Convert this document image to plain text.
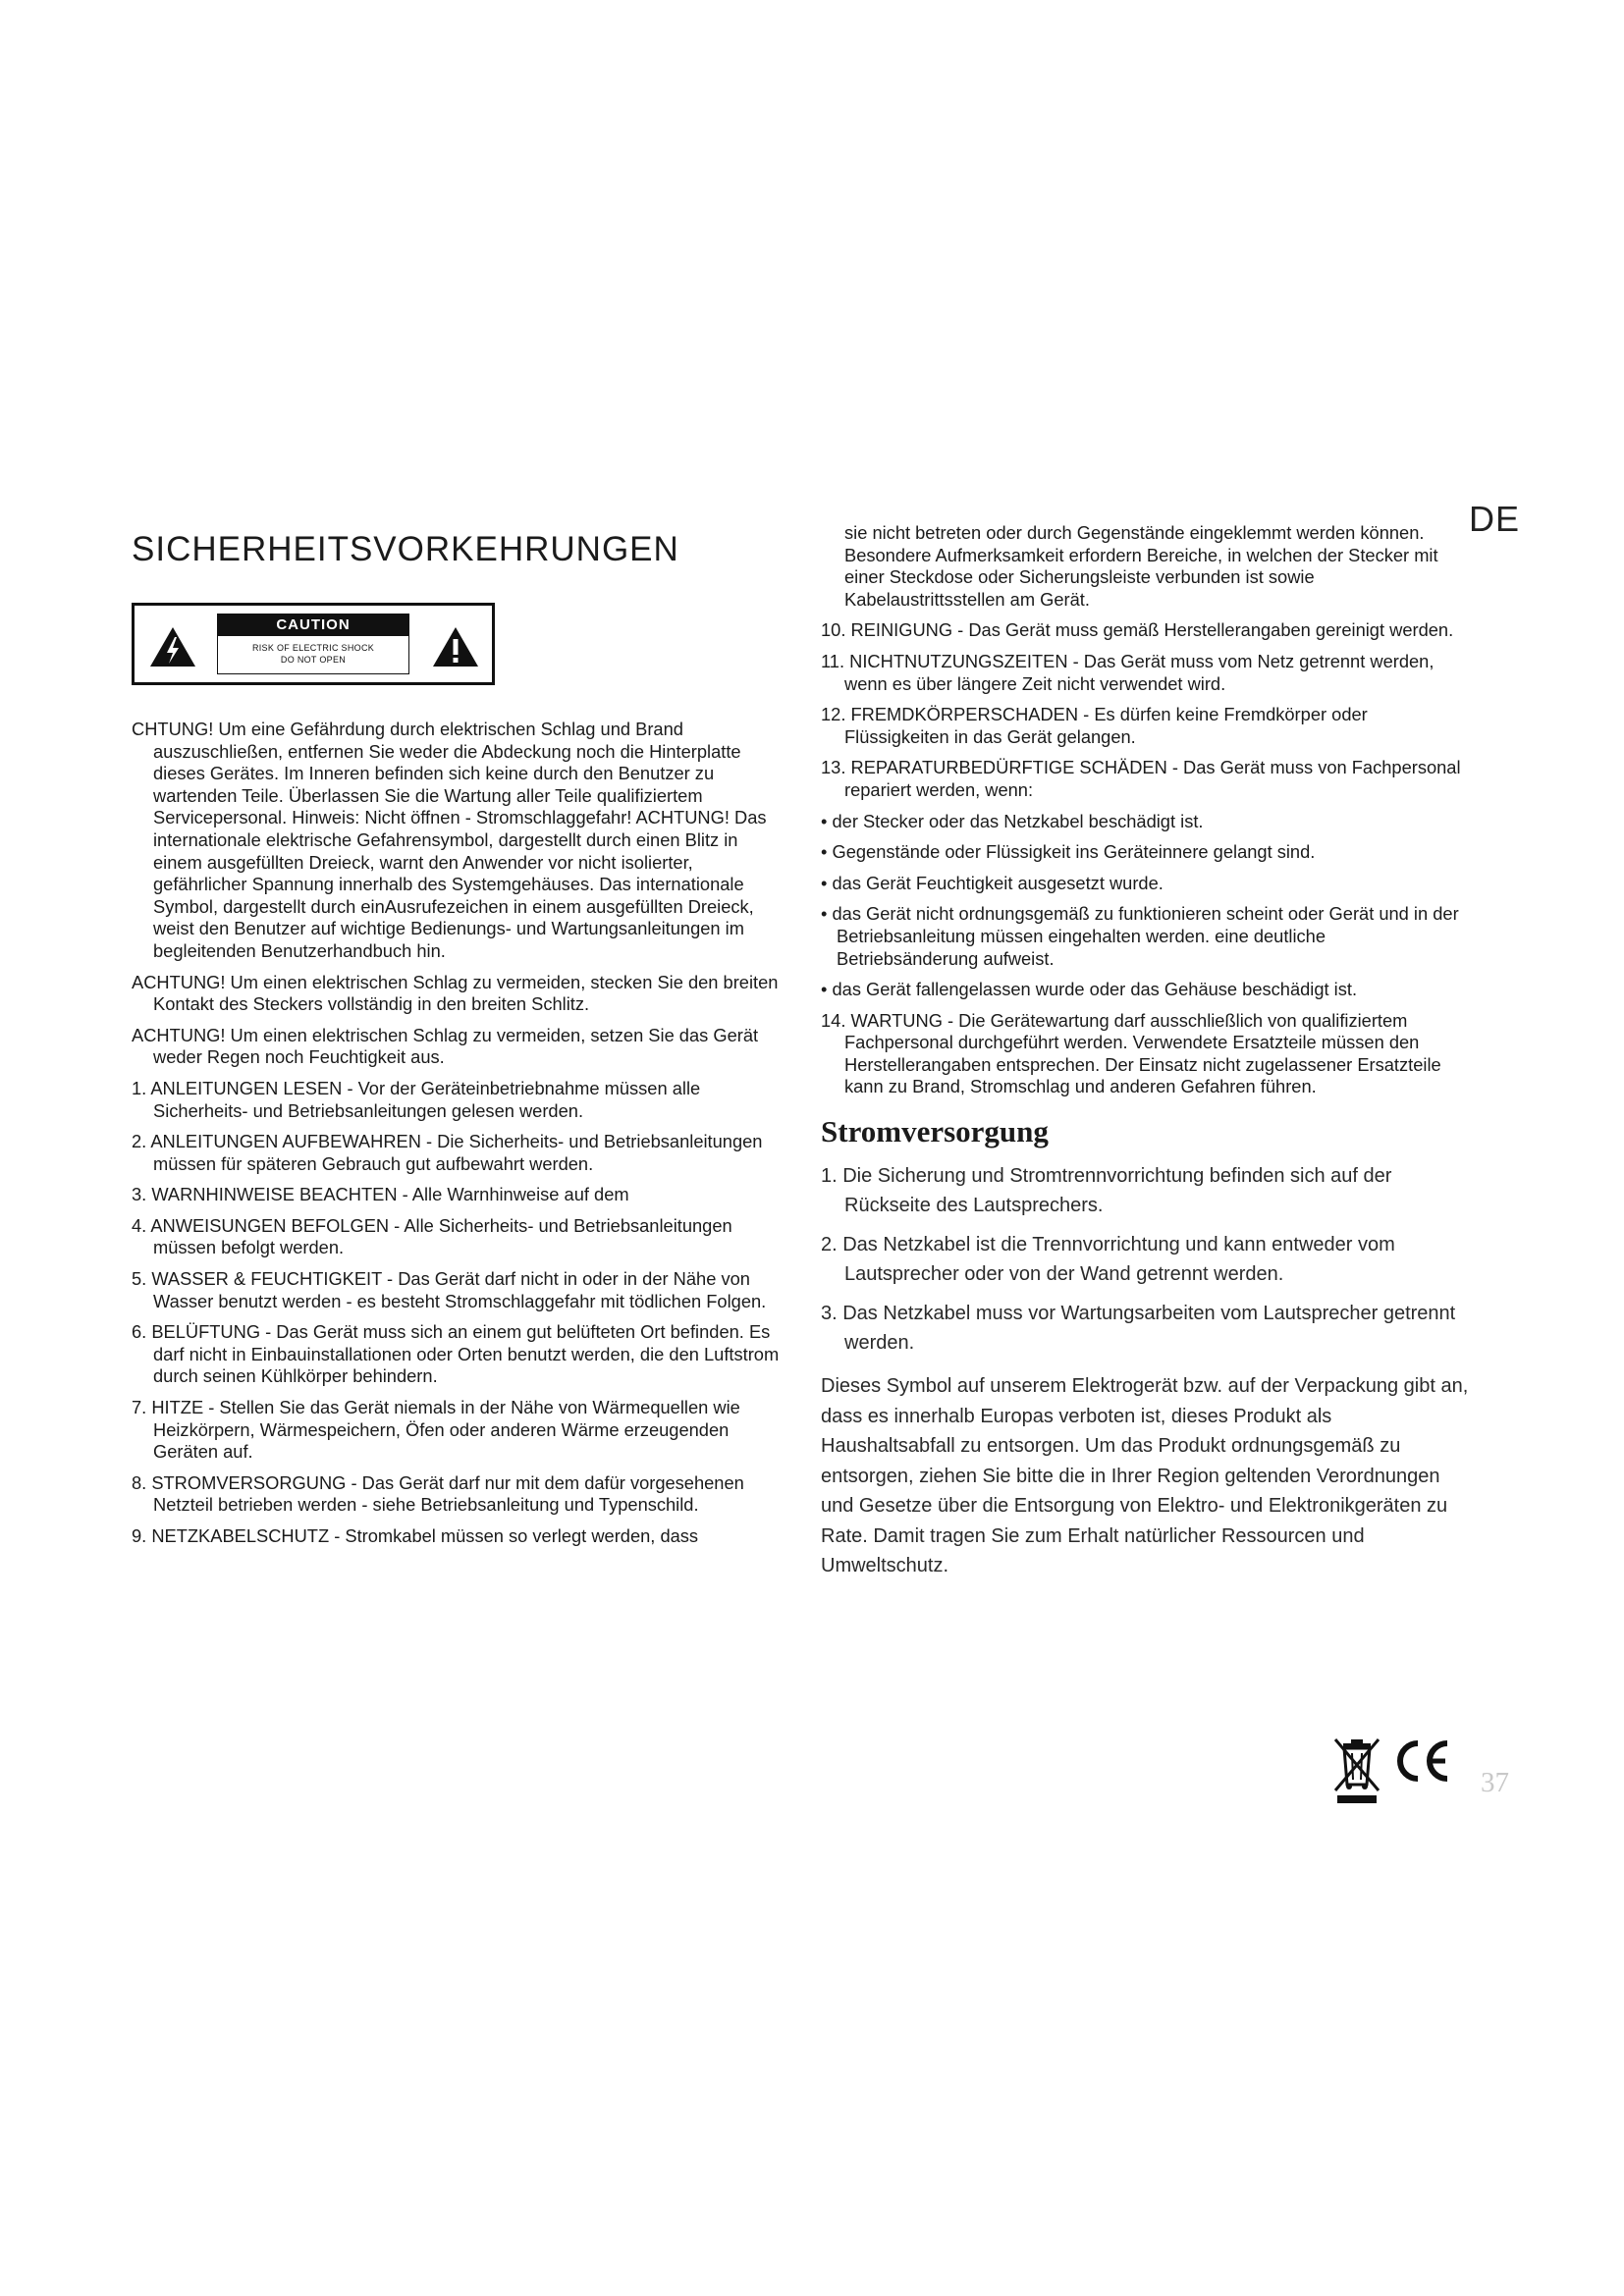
DE
SICHERHEITSVORKEHRUNGEN
CAUTION
RISK OF ELECTRIC SHOCK
DO NOT OPEN

CHTUNG! Um eine Gefährdung durch elektrischen Schlag und Brand auszuschließen, entfernen Sie weder die Abdeckung noch die Hinterplatte dieses Gerätes. Im Inneren befinden sich keine durch den Benutzer zu wartenden Teile. Überlassen Sie die Wartung aller Teile qualifiziertem Servicepersonal. Hinweis: Nicht öffnen - Stromschlaggefahr! ACHTUNG! Das internationale elektrische Gefahrensymbol, dargestellt durch einen Blitz in einem ausgefüllten Dreieck, warnt den Anwender vor nicht isolierter, gefährlicher Spannung innerhalb des Systemgehäuses. Das internationale Symbol, dargestellt durch einAusrufezeichen in einem ausgefüllten Dreieck, weist den Benutzer auf wichtige Bedienungs- und Wartungsanleitungen im begleitenden Benutzerhandbuch hin.

ACHTUNG! Um einen elektrischen Schlag zu vermeiden, stecken Sie den breiten Kontakt des Steckers vollständig in den breiten Schlitz.

ACHTUNG! Um einen elektrischen Schlag zu vermeiden, setzen Sie das Gerät weder Regen noch Feuchtigkeit aus.

1. ANLEITUNGEN LESEN - Vor der Geräteinbetriebnahme müssen alle Sicherheits- und Betriebsanleitungen gelesen werden.

2. ANLEITUNGEN AUFBEWAHREN - Die Sicherheits- und Betriebsanleitungen müssen für späteren Gebrauch gut aufbewahrt werden.

3. WARNHINWEISE BEACHTEN - Alle Warnhinweise auf dem

4. ANWEISUNGEN BEFOLGEN - Alle Sicherheits- und Betriebsanleitungen müssen befolgt werden.

5. WASSER & FEUCHTIGKEIT - Das Gerät darf nicht in oder in der Nähe von Wasser benutzt werden - es besteht Stromschlaggefahr mit tödlichen Folgen.

6. BELÜFTUNG - Das Gerät muss sich an einem gut belüfteten Ort befinden. Es darf nicht in Einbauinstallationen oder Orten benutzt werden, die den Luftstrom durch seinen Kühlkörper behindern.

7. HITZE - Stellen Sie das Gerät niemals in der Nähe von Wärmequellen wie Heizkörpern, Wärmespeichern, Öfen oder anderen Wärme erzeugenden Geräten auf.

8. STROMVERSORGUNG - Das Gerät darf nur mit dem dafür vorgesehenen Netzteil betrieben werden - siehe Betriebsanleitung und Typenschild.

9. NETZKABELSCHUTZ - Stromkabel müssen so verlegt werden, dass

sie nicht betreten oder durch Gegenstände eingeklemmt werden können. Besondere Aufmerksamkeit erfordern Bereiche, in welchen der Stecker mit einer Steckdose oder Sicherungsleiste verbunden ist sowie Kabelaustrittsstellen am Gerät.

10. REINIGUNG - Das Gerät muss gemäß Herstellerangaben gereinigt werden.

11. NICHTNUTZUNGSZEITEN - Das Gerät muss vom Netz getrennt werden, wenn es über längere Zeit nicht verwendet wird.

12. FREMDKÖRPERSCHADEN - Es dürfen keine Fremdkörper oder Flüssigkeiten in das Gerät gelangen.

13. REPARATURBEDÜRFTIGE SCHÄDEN - Das Gerät muss von Fachpersonal repariert werden, wenn:

• der Stecker oder das Netzkabel beschädigt ist.

• Gegenstände oder Flüssigkeit ins Geräteinnere gelangt sind.

• das Gerät Feuchtigkeit ausgesetzt wurde.

• das Gerät nicht ordnungsgemäß zu funktionieren scheint oder Gerät und in der Betriebsanleitung müssen eingehalten werden. eine deutliche Betriebsänderung aufweist.

• das Gerät fallengelassen wurde oder das Gehäuse beschädigt ist.

14. WARTUNG - Die Gerätewartung darf ausschließlich von qualifiziertem Fachpersonal durchgeführt werden. Verwendete Ersatzteile müssen den Herstellerangaben entsprechen. Der Einsatz nicht zugelassener Ersatzteile kann zu Brand, Stromschlag und anderen Gefahren führen.

Stromversorgung

1. Die Sicherung und Stromtrennvorrichtung befinden sich auf der Rückseite des Lautsprechers.

2. Das Netzkabel ist die Trennvorrichtung und kann entweder vom Lautsprecher oder von der Wand getrennt werden.

3. Das Netzkabel muss vor Wartungsarbeiten vom Lautsprecher getrennt werden.

Dieses Symbol auf unserem Elektrogerät bzw. auf der Verpackung gibt an, dass es innerhalb Europas verboten ist, dieses Produkt als Haushaltsabfall zu entsorgen. Um das Produkt ordnungsgemäß zu entsorgen, ziehen Sie bitte die in Ihrer Region geltenden Verordnungen und Gesetze über die Entsorgung von Elektro- und Elektronikgeräten zu Rate. Damit tragen Sie zum Erhalt natürlicher Ressourcen und Umweltschutz.

37
